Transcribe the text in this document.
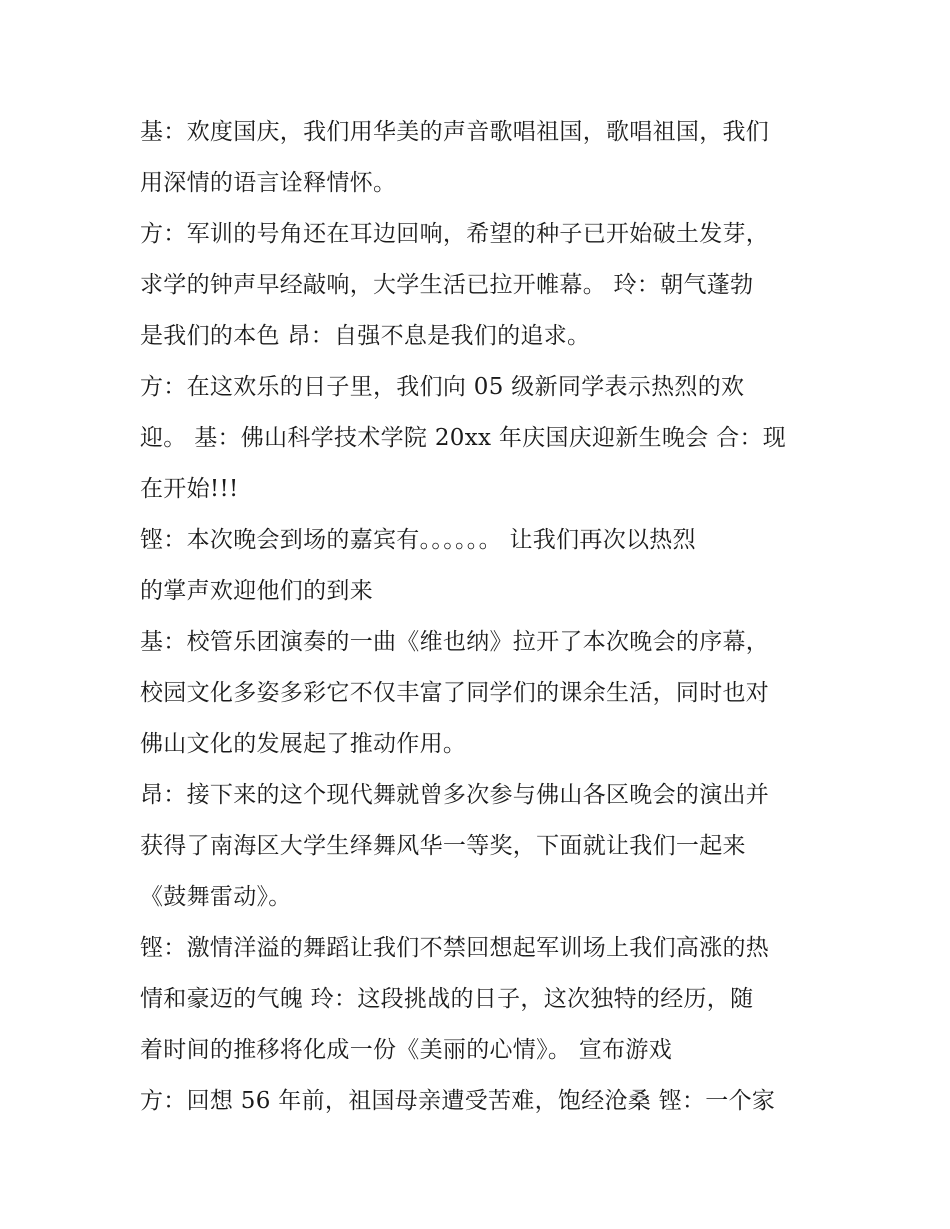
基：欢度国庆，我们用华美的声音歌唱祖国，歌唱祖国，我们
用深情的语言诠释情怀。
方：军训的号角还在耳边回响，希望的种子已开始破土发芽，
求学的钟声早经敲响，大学生活已拉开帷幕。 玲：朝气蓬勃
是我们的本色 昂：自强不息是我们的追求。
方：在这欢乐的日子里，我们向 05 级新同学表示热烈的欢
迎。 基：佛山科学技术学院 20xx 年庆国庆迎新生晚会 合：现
在开始!!!
铿：本次晚会到场的嘉宾有。。。。。。 让我们再次以热烈
的掌声欢迎他们的到来
基：校管乐团演奏的一曲《维也纳》拉开了本次晚会的序幕，
校园文化多姿多彩它不仅丰富了同学们的课余生活，同时也对
佛山文化的发展起了推动作用。
昂：接下来的这个现代舞就曾多次参与佛山各区晚会的演出并
获得了南海区大学生绎舞风华一等奖，下面就让我们一起来
《鼓舞雷动》。
铿：激情洋溢的舞蹈让我们不禁回想起军训场上我们高涨的热
情和豪迈的气魄 玲：这段挑战的日子，这次独特的经历，随
着时间的推移将化成一份《美丽的心情》。 宣布游戏
方：回想 56 年前，祖国母亲遭受苦难，饱经沧桑 铿：一个家
